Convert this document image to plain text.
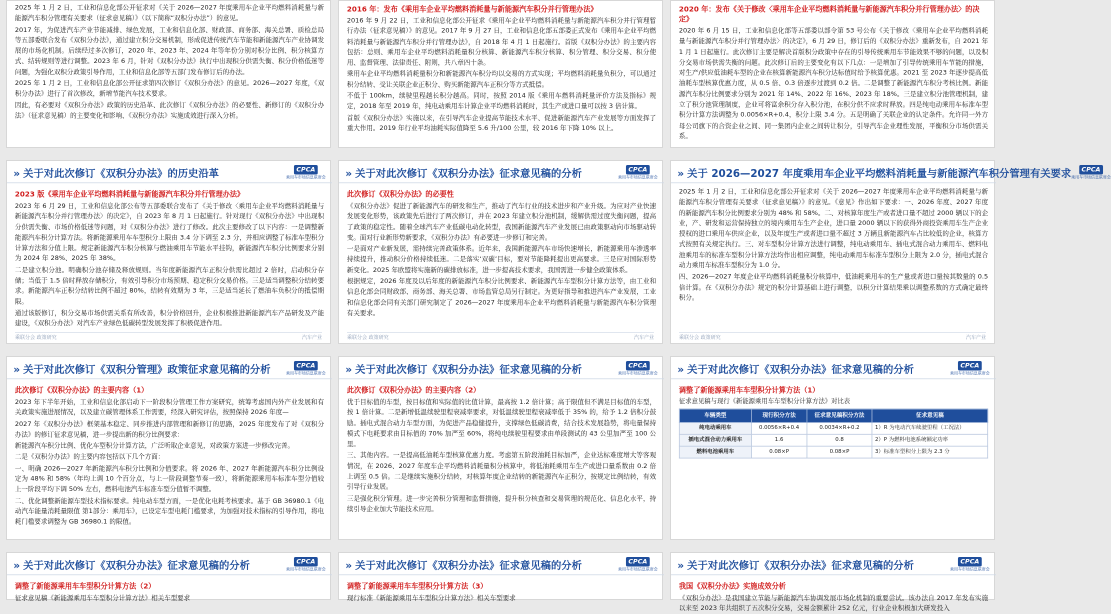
2025 年 1 月 2 日，工业和信息化部公开征求对《关于 2026—2027 年度乘用车企业平均燃料消耗量与新能源汽车积分管理有关要求（征求意见稿）》（以下简称“双积分办法”）的意见。

2017 年，为促进汽车产业节能减排、绿色发展，工业和信息化部、财政部、商务部、海关总署、质检总局等五部委联合发布《双积分办法》，通过建立积分交易机制，形成促进传统汽车节能和新能源汽车产业协调发展的市场化机制。后续经过多次修订，2020 年、2023 年、2024 年等年份分别对积分比例、积分核算方式、结转规则等进行调整。2023 年 6 月，针对《双积分办法》执行中出现积分供需失衡、积分价格低迷等问题，为强化双积分政策引导作用，工业和信息化部等五部门发布修订后的办法。

2025 年 1 月 2 日，工业和信息化部公开征求第四次修订《双积分办法》的意见。2026—2027 年度，《双积分办法》进行了首次修改，新增节能汽车技术要求。

因此，有必要对《双积分办法》政策的历史沿革、此次修订《双积分办法》的必要性、新修订的《双积分办法》（征求意见稿）的主要变化和影响、《双积分办法》实施成效进行深入分析。

2016 年：发布《乘用车企业平均燃料消耗量与新能源汽车积分并行管理办法》

2016 年 9 月 22 日，工业和信息化部公开征求《乘用车企业平均燃料消耗量与新能源汽车积分并行管理暂行办法（征求意见稿）》的意见。2017 年 9 月 27 日，工业和信息化部五部委正式发布《乘用车企业平均燃料消耗量与新能源汽车积分并行管理办法》，自 2018 年 4 月 1 日起施行。首版《双积分办法》的主要内容包括：总则、乘用车企业平均燃料消耗量积分核算、新能源汽车积分核算、积分管理、积分交易、积分使用、监督管理、法律责任、附则，共八章四十条。

乘用车企业平均燃料消耗量积分和新能源汽车积分均以交易的方式实现；平均燃料消耗量负积分，可以通过积分结转、受让关联企业正积分、购买新能源汽车正积分等方式抵偿。

不低于 100km，续驶里程越长积分越高。同时，按照 2014 版《乘用车燃料消耗量评价方法及指标》规定，2018 年至 2019 年，纯电动乘用车计算企业平均燃料消耗时，其生产或进口量可以按 3 倍计算。

首版《双积分办法》实施以来，在引导汽车企业提高节能技术水平、促进新能源汽车产业发展等方面发挥了重大作用。2019 年行业平均油耗实际值降至 5.6 升/100 公里，较 2016 年下降 10% 以上。

2020 年：发布《关于修改〈乘用车企业平均燃料消耗量与新能源汽车积分并行管理办法〉的决定》

2020 年 6 月 15 日，工业和信息化部等五部委以部令第 53 号公布《关于修改〈乘用车企业平均燃料消耗量与新能源汽车积分并行管理办法〉的决定》，6 月 29 日，修订后的《双积分办法》重新发布，自 2021 年 1 月 1 日起施行。此次修订主要是解决首版积分政策中存在的引导传统乘用车节能效果不够的问题，以及积分交易市场供需失衡的问题。此次修订后的主要变化有以下几点：一是增加了引导传统乘用车节能的措施，对生产/供应低油耗车型的企业在核算新能源汽车积分达标值时给予核算优惠。2021 至 2023 年逐步提高低油耗车型核算优惠力度，从 0.5 倍、0.3 倍逐步过渡到 0.2 倍。二是调整了新能源汽车积分考核比例。新能源汽车积分比例要求分别为 2021 年 14%、2022 年 16%、2023 年 18%。三是建立积分池管理机制，建立了积分池管理制度，企业可将富余积分存入积分池，在积分供不应求时释放。四是纯电动乘用车标准车型积分计算方法调整为 0.0056×R+0.4，积分上限 3.4 分。五是明确了关联企业的认定条件。允许同一外方母公司旗下的合资企业之间、同一集团内企业之间转让积分，引导汽车企业理性发展，平衡积分市场供需关系。

» 关于对此次修订《双积分办法》的历史沿革	CPCA
乘用车市场信息联席会
2023 版《乘用车企业平均燃料消耗量与新能源汽车积分并行管理办法》

2023 年 6 月 29 日，工业和信息化部公布等五部委联合发布了《关于修改〈乘用车企业平均燃料消耗量与新能源汽车积分并行管理办法〉的决定》，自 2023 年 8 月 1 日起施行。针对现行《双积分办法》中出现积分供需失衡、市场价格低迷等问题，对《双积分办法》进行了修改。此次主要修改了以下内容：一是调整新能源汽车积分计算方法。将新能源乘用车车型积分上限由 3.4 分下调至 2.3 分，并相应调整了标准车型积分计算方法和分值上限。规定新能源汽车积分核算与燃油乘用车节能水平挂钩，新能源汽车积分比例要求分别为 2024 年 28%、2025 年 38%。

二是建立积分池。明确积分池存储及释放规则。当年度新能源汽车正积分供需比超过 2 倍时，启动积分存储；当低于 1.5 倍时释放存储积分，有效引导积分市场预期、稳定积分交易价格。三是适当调整积分结转要求。新能源汽车正积分结转比例不超过 80%，结转有效期为 3 年，三是适当延长了燃油车负积分的抵偿期限。

通过该版修订，积分交易市场供需关系有所改善，积分价格回升，企业积极推进新能源汽车产品研发及产能建设，《双积分办法》对汽车产业绿色低碳转型发展发挥了积极促进作用。

乘联分会 政策研究	汽车产业
» 关于对此次修订《双积分办法》征求意见稿的分析	CPCA
乘用车市场信息联席会
此次修订《双积分办法》的必要性

《双积分办法》促进了新能源汽车的研发和生产，推动了汽车行业的技术进步和产业升级。为应对产业快速发展变化形势，该政策先后进行了两次修订，并在 2023 年建立积分池机制，缓解供需过度失衡问题，提高了政策的稳定性。随着全球汽车产业低碳电动化转型，我国新能源汽车产业发展已由政策驱动向市场驱动转变。面对行业新形势新要求，《双积分办法》有必要进一步修订和完善。

一是面对产业新发展，需持续完善政策体系。近年来，我国新能源汽车市场快速增长，新能源乘用车渗透率持续提升，推动积分价格持续低迷。二是落实‘双碳’目标，要对节能降耗提出更高要求。三是应对国际形势新变化。2025 年欧盟将实施新的碳排放标准，进一步提高技术要求，我国需进一步健全政策体系。

根据规定，2026 年度及以后年度的新能源汽车积分比例要求、新能源汽车车型积分计算方法等，由工业和信息化部会同财政部、商务部、海关总署、市场监管总局另行制定。为更好指导和推进汽车产业发展，工业和信息化部会同有关部门研究制定了 2026—2027 年度乘用车企业平均燃料消耗量与新能源汽车积分管理有关要求。

乘联分会 政策研究	汽车产业
» 关于 2026—2027 年度乘用车企业平均燃料消耗量与新能源汽车积分管理有关要求	CPCA
乘用车市场信息联席会

2025 年 1 月 2 日，工业和信息化部公开征求对《关于 2026—2027 年度乘用车企业平均燃料消耗量与新能源汽车积分管理有关要求（征求意见稿）》的意见。《意见》作出如下要求：一、2026 年度、2027 年度的新能源汽车积分比例要求分别为 48% 和 58%。二、对核算年度生产或者进口量不超过 2000 辆以下的企业，产、研发和运营保持独立的境内乘用车生产企业，进口量 2000 辆以下的获得外商投资乘用车生产企业授权的进口乘用车供应企业，以及年度生产或者进口量不超过 3 万辆且新能源汽车占比较低的企业，核算方式按照有关规定执行。三、对车型积分计算方法进行调整，纯电动乘用车、插电式混合动力乘用车、燃料电池乘用车的标准车型积分计算方法均作出相应调整，纯电动乘用车标准车型积分上限为 2.0 分，插电式混合动力乘用车标准车型积分为 1.0 分。

四、2026—2027 年度企业平均燃料消耗量积分核算中，低油耗乘用车的生产量或者进口量按其数量的 0.5 倍计算。在《双积分办法》规定的积分计算基础上进行调整，以积分计算结果乘以调整系数的方式确定最终积分。

乘联分会 政策研究	汽车产业
» 关于对此次修订《双积分管理》政策征求意见稿的分析	CPCA
乘用车市场信息联席会
此次修订《双积分办法》的主要内容（1）

2023 年下半年开始，工业和信息化部启动下一阶段积分管理工作方案研究，统筹考虑国内外产业发展和有关政策实施进展情况，以及建立碳管理体系工作需要，经深入研究评估，按照保持 2026 年度—

2027 年《双积分办法》框架基本稳定、同步推进内部管理和新修订的思路，2025 年度发布了对《双积分办法》的修订征求意见稿，进一步提出新的积分比例要求：

新能源汽车积分比例、优化车型积分计算方法，广泛听取企业意见，对政策方案进一步修改完善。

二是《双积分办法》的主要内容包括以下几个方面：

一、明确 2026—2027 年新能源汽车积分比例和分值要求。将 2026 年、2027 年新能源汽车积分比例设定为 48% 和 58%（年均上调 10 个百分点，与上一阶段调整节奏一致），将新能源乘用车标准车型分值较上一阶段平均下调 50% 左右，燃料电池汽车标准车型分值暂不调整。

二、优化调整新能源车型技术指标要求。纯电动车型方面，一是优化电耗考核要求。基于 GB 36980.1《电动汽车能量消耗量限值 第1部分：乘用车》，已设定车型电耗门槛要求，为加强对技术指标的引导作用，将电耗门槛要求调整为 GB 36980.1 的限值。

» 关于对此次修订《双积分办法》征求意见稿的分析	CPCA
乘用车市场信息联席会
此次修订《双积分办法》的主要内容（2）

优于目标值的车型，按目标值和实际值的比值计算，最高按 1.2 倍计算；高于限值但不满足目标值的车型，按 1 倍计算。二是新增低温续驶里程衰减率要求，对低温续驶里程衰减率低于 35% 的，给予 1.2 倍积分鼓励。插电式混合动力车型方面，为促进产品稳健提升，支撑绿色低碳消费，结合技术发展趋势，将电量保持模式下电耗要求由目标值的 70% 加严至 60%，将纯电续驶里程要求由单段测试的 43 公里加严至 100 公里。

三、其他内容。一是提高低油耗车型核算优惠力度。考虑第五阶段油耗目标加严，企业达标难度增大等客观情况，在 2026、2027 年度车企平均燃料消耗量积分核算中，将低油耗乘用车生产或进口量系数由 0.2 倍上调至 0.5 倍。二是继续实施积分结转，对核算年度企业结转的新能源汽车正积分，按规定比例结转，有效引导行业发展。

三是强化积分管理。进一步完善积分管理和监督措施，提升积分核查和交易管理的规范化、信息化水平，持续引导企业加大节能技术应用。

» 关于对此次修订《双积分办法》征求意见稿的分析	CPCA
乘用车市场信息联席会
调整了新能源乘用车车型积分计算方法（1）
征求意见稿与现行《新能源乘用车车型积分计算方法》对比表
车辆类型	现行积分方法	征求意见稿积分方法	征求意见稿
纯电动乘用车	0.0056×R+0.4	0.0034×R+0.2	1）R 为电动汽车续驶里程（工况法）
插电式混合动力乘用车	1.6	0.8	2）P 为燃料电池系统额定功率
燃料电池乘用车	0.08×P	0.08×P	3）标准车型积分上限为 2.3 分
» 关于对此次修订《双积分办法》征求意见稿的分析	CPCA
乘用车市场信息联席会
调整了新能源乘用车车型积分计算方法（2）

征求意见稿《新能源乘用车车型积分计算方法》相关车型要求

» 关于对此次修订《双积分办法》征求意见稿的分析	CPCA
乘用车市场信息联席会
调整了新能源乘用车车型积分计算方法（3）

现行标准《新能源乘用车车型积分计算方法》相关车型要求

» 关于对此次修订《双积分办法》征求意见稿的分析	CPCA
乘用车市场信息联席会
我国《双积分办法》实施成效分析

《双积分办法》是我国建立节能与新能源汽车协调发展市场化机制的重要尝试。该办法自 2017 年发布实施以来至 2023 年共组织了五次积分交易，交易金额累计 252 亿元，行业企业积极加大研发投入
